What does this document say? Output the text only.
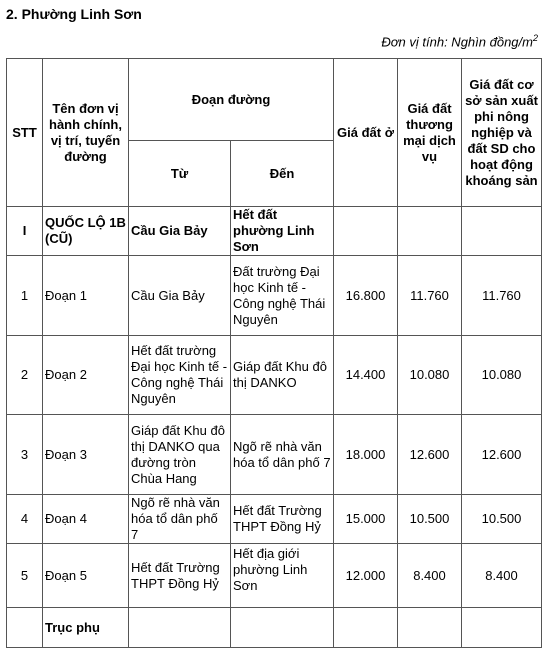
2. Phường Linh Sơn
Đơn vị tính: Nghìn đồng/$m^2$
STT	Tên đơn vị hành chính, vị trí, tuyến đường	Đoạn đường		Giá đất ở	Giá đất thương mại dịch vụ	Giá đất cơ sở sản xuất phi nông nghiệp và đất SD cho hoạt động khoáng sản
		Từ	Đến			
I	QUỐC LỘ 1B (CŨ)	Cầu Gia Bảy	Hết đất phường Linh Sơn			
1	Đoạn 1	Cầu Gia Bảy	Đất trường Đại học Kinh tế - Công nghệ Thái Nguyên	16.800	11.760	11.760
2	Đoạn 2	Hết đất trường Đại học Kinh tế - Công nghệ Thái Nguyên	Giáp đất Khu đô thị DANKO	14.400	10.080	10.080
3	Đoạn 3	Giáp đất Khu đô thị DANKO qua đường tròn Chùa Hang	Ngõ rẽ nhà văn hóa tổ dân phố 7	18.000	12.600	12.600
4	Đoạn 4	Ngõ rẽ nhà văn hóa tổ dân phố 7	Hết đất Trường THPT Đồng Hỷ	15.000	10.500	10.500
5	Đoạn 5	Hết đất Trường THPT Đồng Hỷ	Hết địa giới phường Linh Sơn	12.000	8.400	8.400
	Trục phụ					
